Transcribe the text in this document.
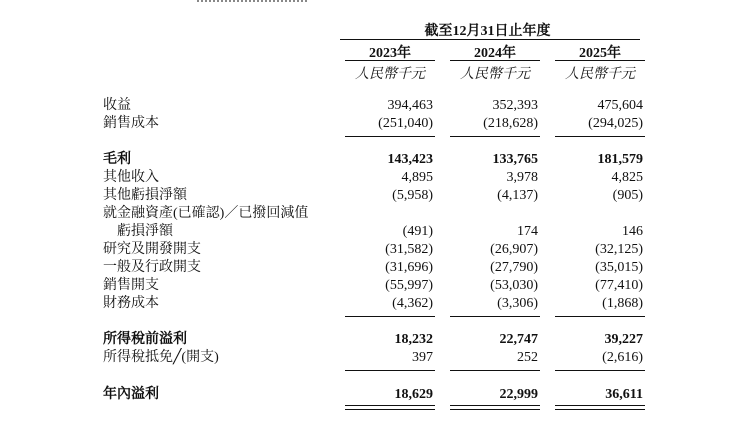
截至12月31日止年度
2023年	2024年	2025年
人民幣千元	人民幣千元	人民幣千元
收益	394,463	352,393	475,604
銷售成本	(251,040)	(218,628)	(294,025)
毛利	143,423	133,765	181,579
其他收入	4,895	3,978	4,825
其他虧損淨額	(5,958)	(4,137)	(905)
就金融資產(已確認)／已撥回減值
虧損淨額	(491)	174	146
研究及開發開支	(31,582)	(26,907)	(32,125)
一般及行政開支	(31,696)	(27,790)	(35,015)
銷售開支	(55,997)	(53,030)	(77,410)
財務成本	(4,362)	(3,306)	(1,868)
所得稅前溢利	18,232	22,747	39,227
所得稅抵免╱(開支)	397	252	(2,616)
年內溢利	18,629	22,999	36,611
